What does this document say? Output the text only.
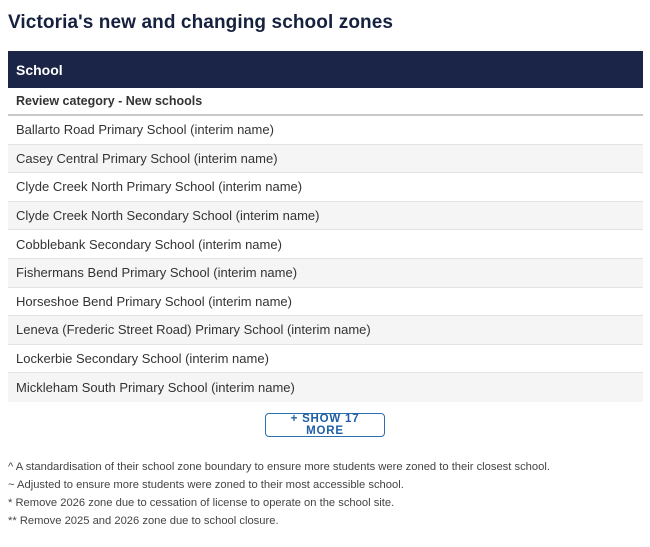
Victoria's new and changing school zones
School
Review category - New schools
Ballarto Road Primary School (interim name)
Casey Central Primary School (interim name)
Clyde Creek North Primary School (interim name)
Clyde Creek North Secondary School (interim name)
Cobblebank Secondary School (interim name)
Fishermans Bend Primary School (interim name)
Horseshoe Bend Primary School (interim name)
Leneva (Frederic Street Road) Primary School (interim name)
Lockerbie Secondary School (interim name)
Mickleham South Primary School (interim name)
+ SHOW 17 MORE
^ A standardisation of their school zone boundary to ensure more students were zoned to their closest school.
~ Adjusted to ensure more students were zoned to their most accessible school.
* Remove 2026 zone due to cessation of license to operate on the school site.
** Remove 2025 and 2026 zone due to school closure.
